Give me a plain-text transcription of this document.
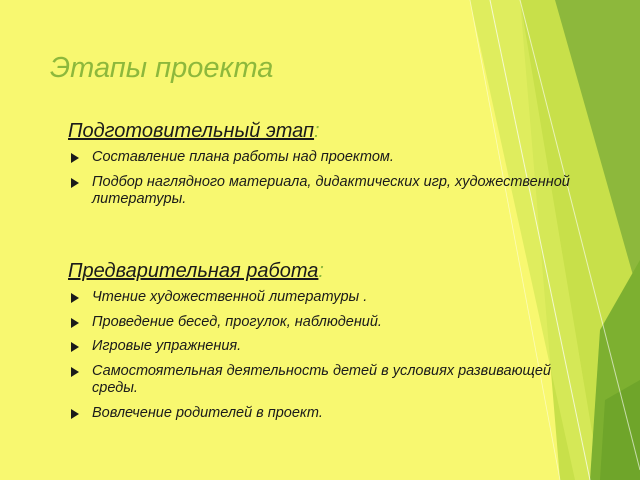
Этапы проекта
Подготовительный этап:
Составление плана работы над проектом.
Подбор наглядного материала, дидактических игр, художественной литературы.
Предварительная работа:
Чтение художественной литературы .
Проведение бесед, прогулок, наблюдений.
Игровые упражнения.
Самостоятельная деятельность детей в условиях развивающей среды.
Вовлечение родителей в проект.
